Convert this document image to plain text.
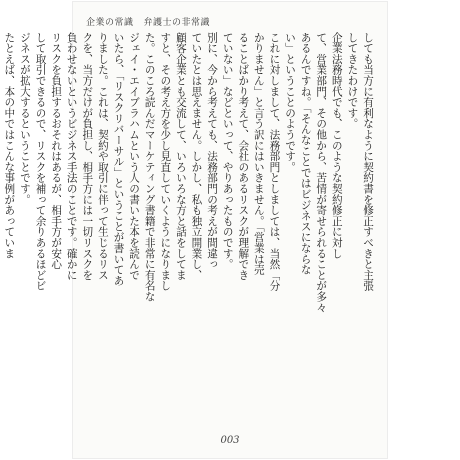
企業の常識 弁護士の非常識

しても当方に有利なように契約書を修正すべきと主張

してきたわけです。

企業法務時代でも、このような契約修正に対し

て、営業部門、その他から、苦情が寄せられることが多々

あるんですね。「そんなことではビジネスにならな

い」ということのようです。

これに対しまして、法務部門としましては、当然「分

かりません」と言う訳にはいきません。「営業は売

ることばかり考えて、会社のあるリスクが理解でき

ていない」などといって、やりあったものです。

別に、今から考えても、法務部門の考えが間違っ

ていたとは思えません。しかし、私も独立開業し、

顧客企業とも交流して、いろいろな方と話をしてま

すと、その考え方を少し見直していくようになりまし

た。このころ読んだマーケティング書籍で非常に有名な

ジェイ・エイブラハムという人の書いた本を読んで

いたら、「リスクリバーサル」ということが書いてあ

りました。これは、契約や取引に伴って生じるリス

クを、当方だけが負担し、相手方には一切リスクを

負わせないというビジネス手法のことです。確かに

リスクを負担するおそれはあるが、相手方が安心

して取引できるので、リスクを補って余りあるほどビ

ジネスが拡大するということです。

たとえば、本の中ではこんな事例があっていま

003
